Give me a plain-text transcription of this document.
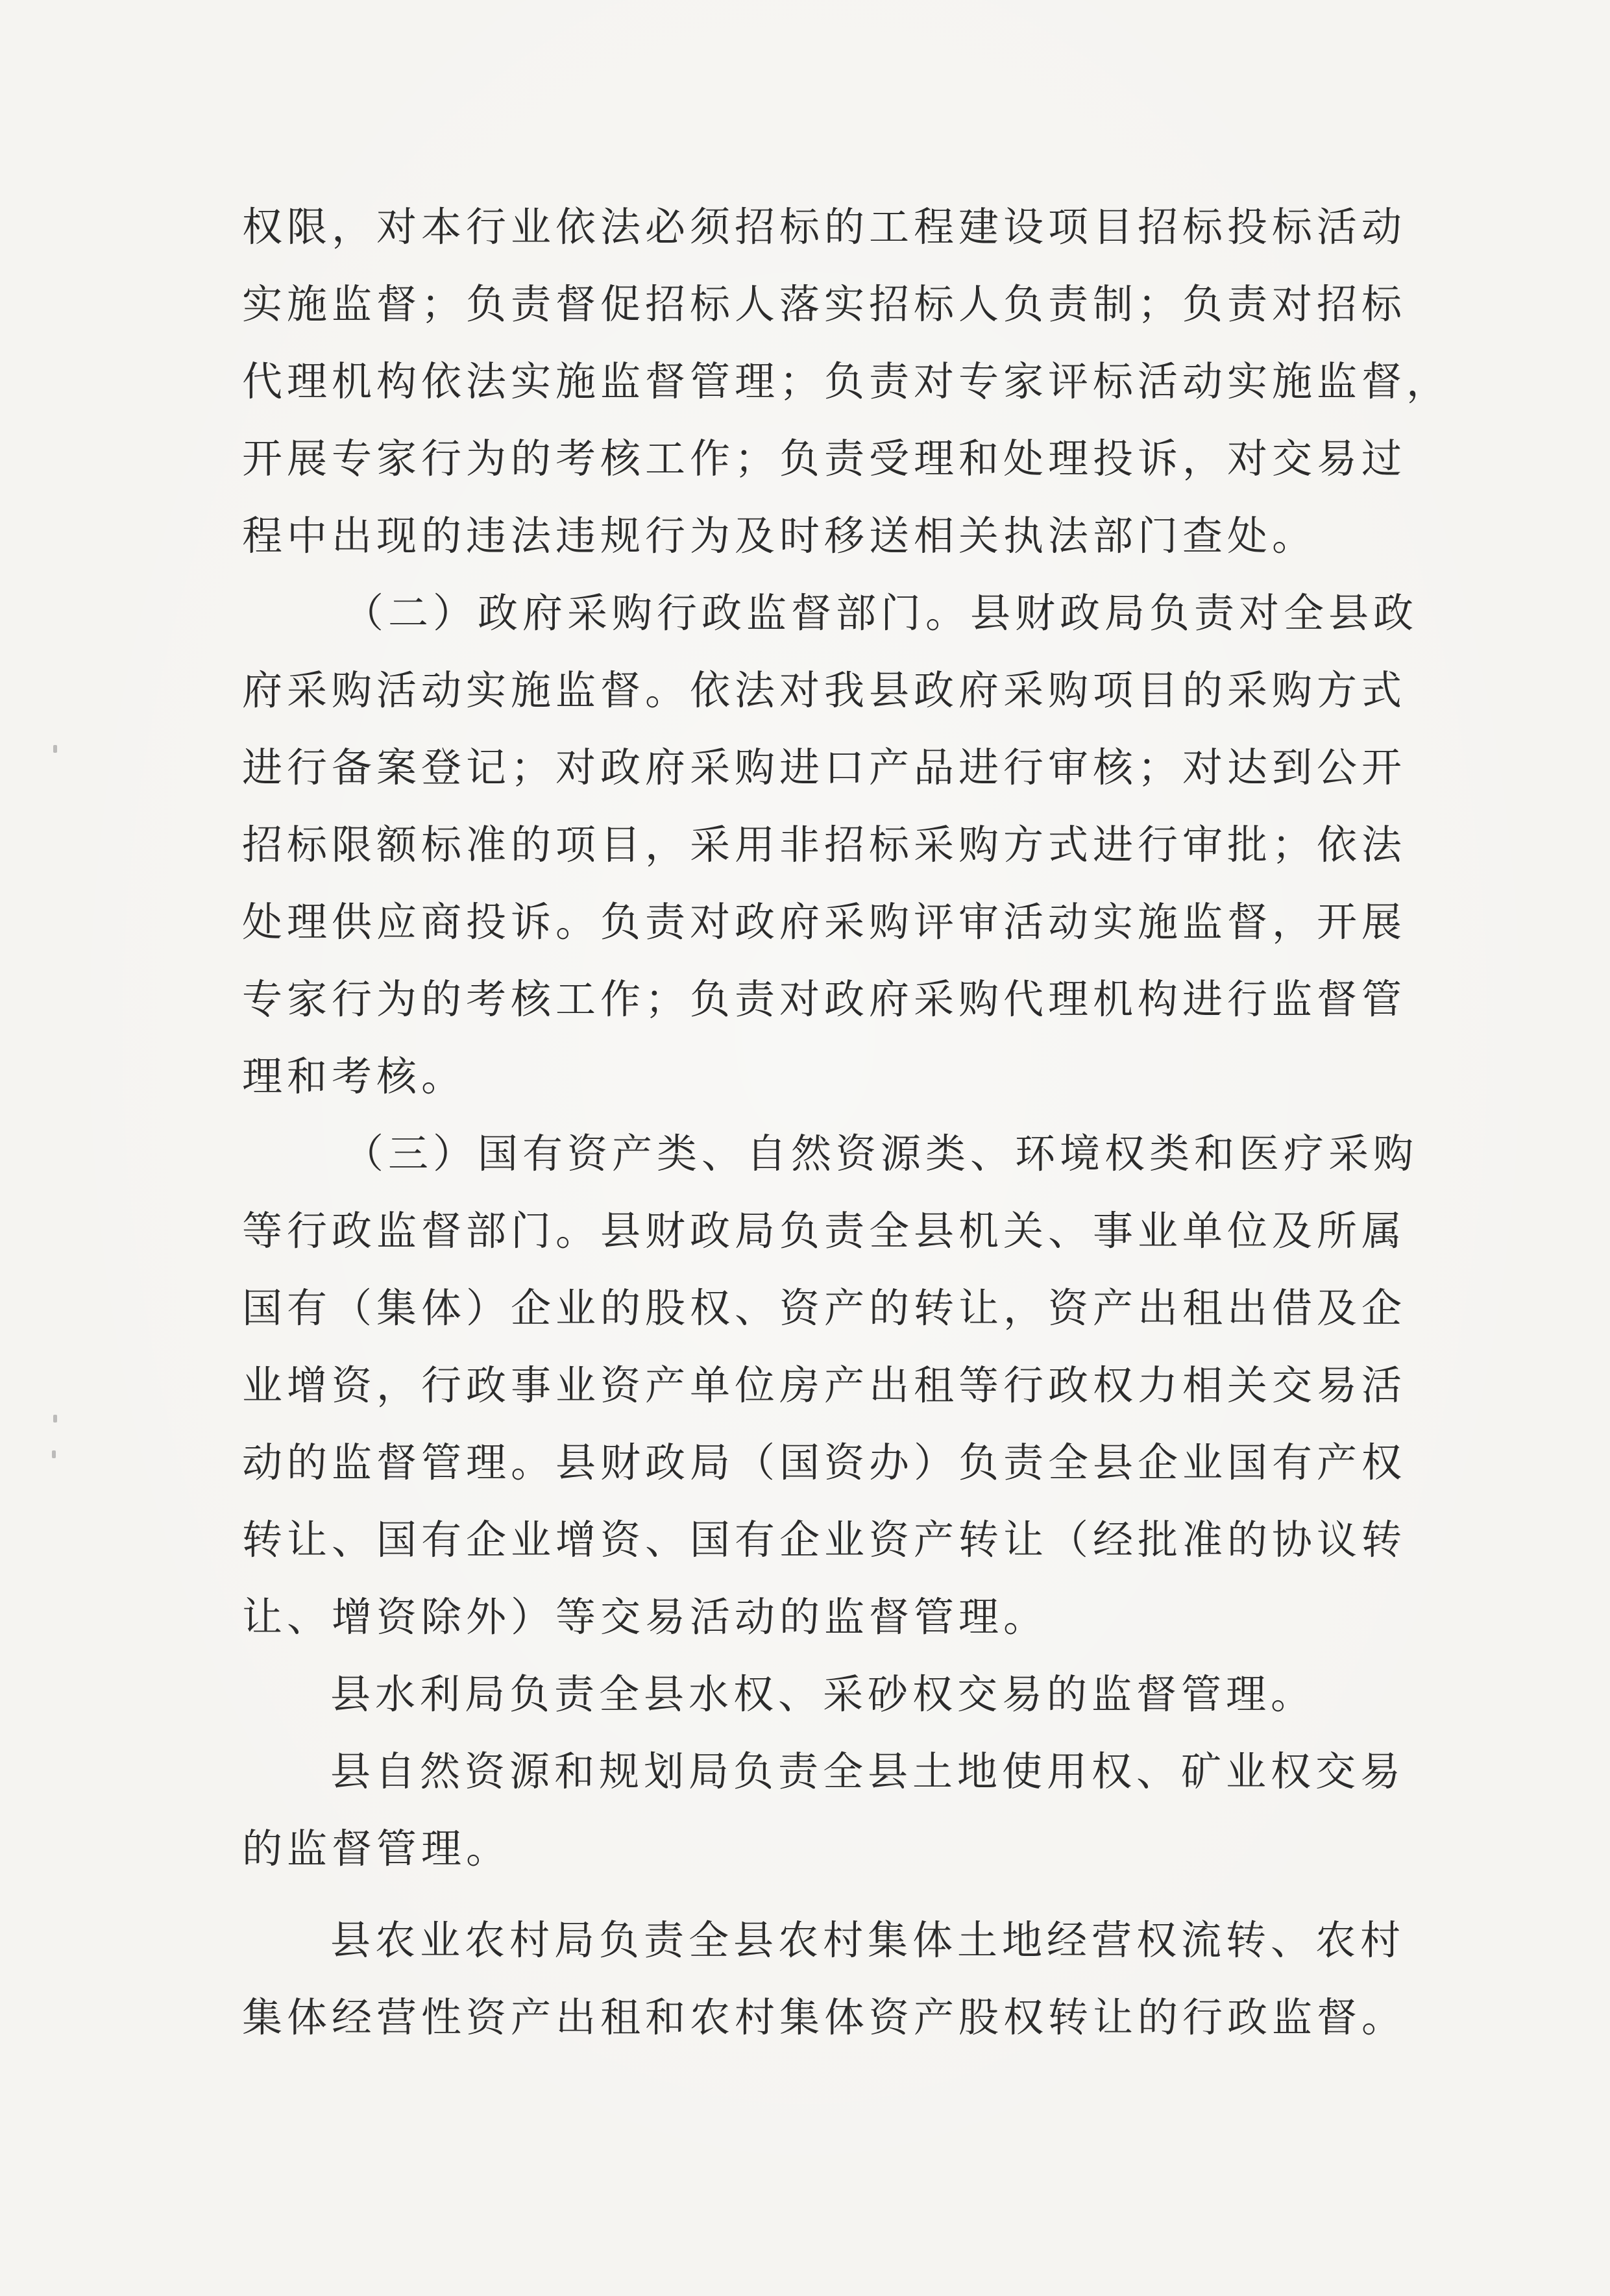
权限，对本行业依法必须招标的工程建设项目招标投标活动
实施监督；负责督促招标人落实招标人负责制；负责对招标
代理机构依法实施监督管理；负责对专家评标活动实施监督，
开展专家行为的考核工作；负责受理和处理投诉，对交易过
程中出现的违法违规行为及时移送相关执法部门查处。
（二）政府采购行政监督部门。县财政局负责对全县政
府采购活动实施监督。依法对我县政府采购项目的采购方式
进行备案登记；对政府采购进口产品进行审核；对达到公开
招标限额标准的项目，采用非招标采购方式进行审批；依法
处理供应商投诉。负责对政府采购评审活动实施监督，开展
专家行为的考核工作；负责对政府采购代理机构进行监督管
理和考核。
（三）国有资产类、自然资源类、环境权类和医疗采购
等行政监督部门。县财政局负责全县机关、事业单位及所属
国有（集体）企业的股权、资产的转让，资产出租出借及企
业增资，行政事业资产单位房产出租等行政权力相关交易活
动的监督管理。县财政局（国资办）负责全县企业国有产权
转让、国有企业增资、国有企业资产转让（经批准的协议转
让、增资除外）等交易活动的监督管理。
县水利局负责全县水权、采砂权交易的监督管理。
县自然资源和规划局负责全县土地使用权、矿业权交易
的监督管理。
县农业农村局负责全县农村集体土地经营权流转、农村
集体经营性资产出租和农村集体资产股权转让的行政监督。
